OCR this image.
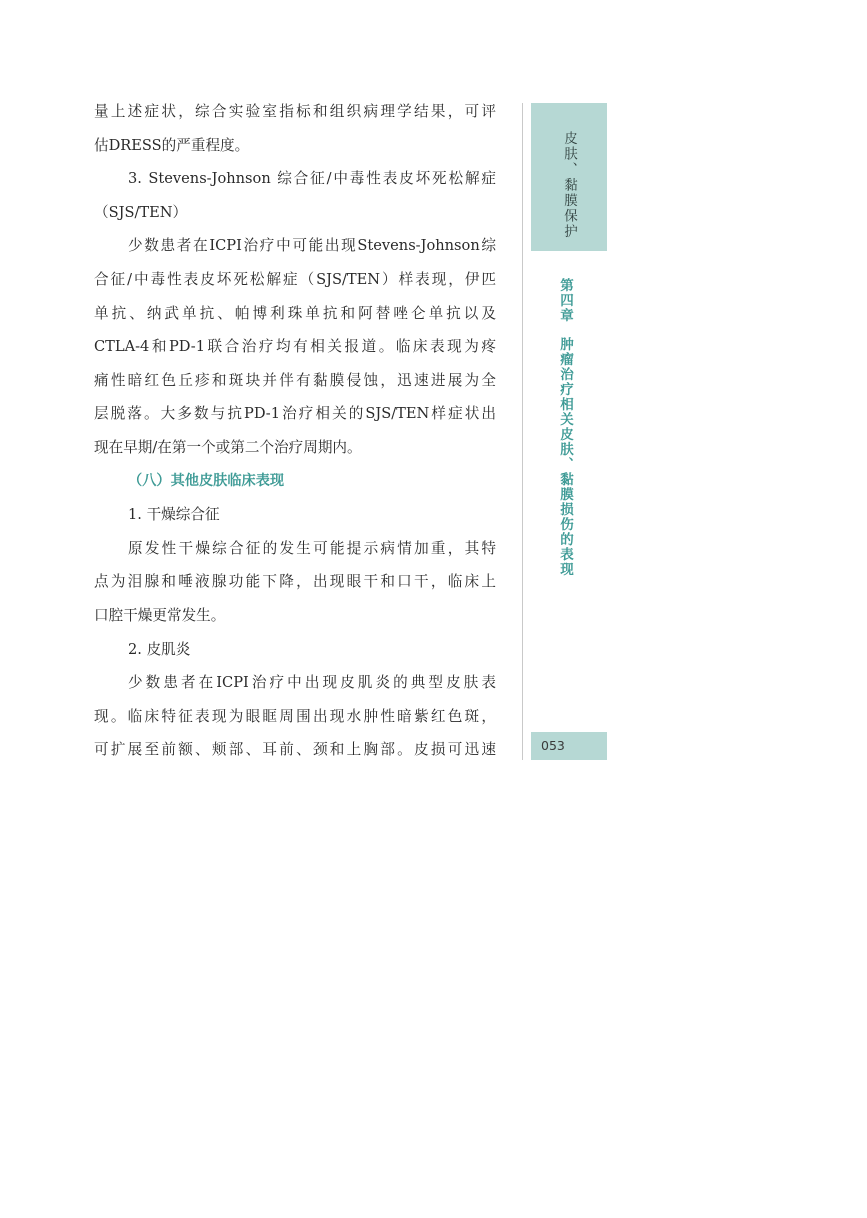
量上述症状，综合实验室指标和组织病理学结果，可评
估DRESS的严重程度。
3. Stevens-Johnson 综合征/中毒性表皮坏死松解症
（SJS/TEN）
少数患者在ICPI治疗中可能出现Stevens-Johnson综
合征/中毒性表皮坏死松解症（SJS/TEN）样表现，伊匹
单抗、纳武单抗、帕博利珠单抗和阿替唑仑单抗以及
CTLA-4和PD-1联合治疗均有相关报道。临床表现为疼
痛性暗红色丘疹和斑块并伴有黏膜侵蚀，迅速进展为全
层脱落。大多数与抗PD-1治疗相关的SJS/TEN样症状出
现在早期/在第一个或第二个治疗周期内。
（八）其他皮肤临床表现
1. 干燥综合征
原发性干燥综合征的发生可能提示病情加重，其特
点为泪腺和唾液腺功能下降，出现眼干和口干，临床上
口腔干燥更常发生。
2. 皮肌炎
少数患者在ICPI治疗中出现皮肌炎的典型皮肤表
现。临床特征表现为眼眶周围出现水肿性暗紫红色斑，
可扩展至前额、颊部、耳前、颈和上胸部。皮损可迅速
皮肤、黏膜保护
第四章肿瘤治疗相关皮肤、黏膜损伤的表现
053
